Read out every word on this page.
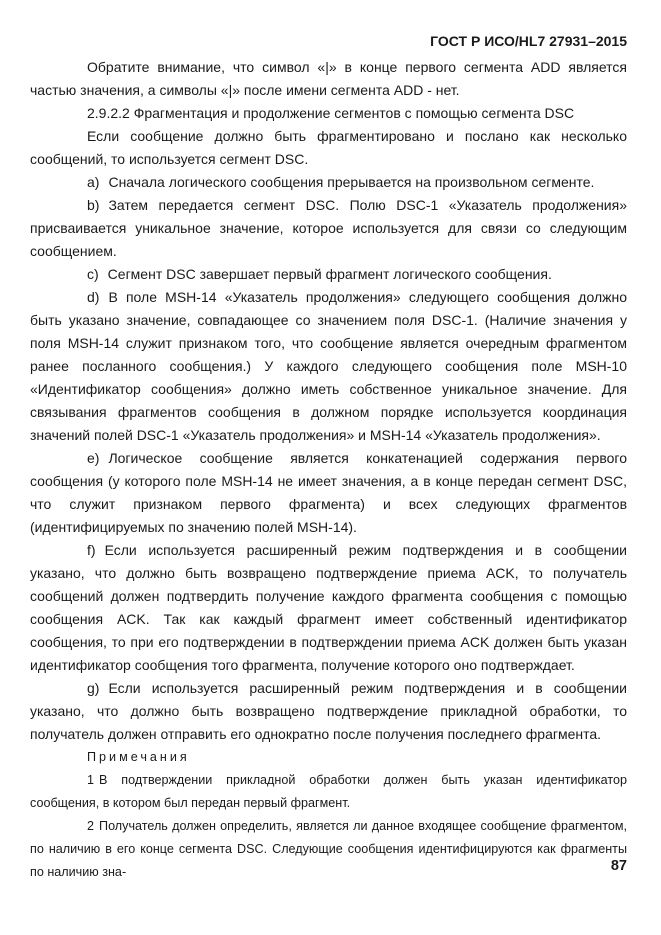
ГОСТ Р ИСО/HL7 27931–2015

Обратите внимание, что символ «|» в конце первого сегмента ADD является частью значения, а символы «|» после имени сегмента ADD - нет.

2.9.2.2 Фрагментация и продолжение сегментов с помощью сегмента DSC

Если сообщение должно быть фрагментировано и послано как несколько сообщений, то используется сегмент DSC.

a) Сначала логического сообщения прерывается на произвольном сегменте.

b) Затем передается сегмент DSC. Полю DSC-1 «Указатель продолжения» присваивается уникальное значение, которое используется для связи со следующим сообщением.

c) Сегмент DSC завершает первый фрагмент логического сообщения.

d) В поле MSH-14 «Указатель продолжения» следующего сообщения должно быть указано значение, совпадающее со значением поля DSC-1. (Наличие значения у поля MSH-14 служит признаком того, что сообщение является очередным фрагментом ранее посланного сообщения.) У каждого следующего сообщения поле MSH-10 «Идентификатор сообщения» должно иметь собственное уникальное значение. Для связывания фрагментов сообщения в должном порядке используется координация значений полей DSC-1 «Указатель продолжения» и MSH-14 «Указатель продолжения».

e) Логическое сообщение является конкатенацией содержания первого сообщения (у которого поле MSH-14 не имеет значения, а в конце передан сегмент DSC, что служит признаком первого фрагмента) и всех следующих фрагментов (идентифицируемых по значению полей MSH-14).

f) Если используется расширенный режим подтверждения и в сообщении указано, что должно быть возвращено подтверждение приема ACK, то получатель сообщений должен подтвердить получение каждого фрагмента сообщения с помощью сообщения ACK. Так как каждый фрагмент имеет собственный идентификатор сообщения, то при его подтверждении в подтверждении приема ACK должен быть указан идентификатор сообщения того фрагмента, получение которого оно подтверждает.

g) Если используется расширенный режим подтверждения и в сообщении указано, что должно быть возвращено подтверждение прикладной обработки, то получатель должен отправить его однократно после получения последнего фрагмента.

Примечания

1 В подтверждении прикладной обработки должен быть указан идентификатор сообщения, в котором был передан первый фрагмент.

2 Получатель должен определить, является ли данное входящее сообщение фрагментом, по наличию в его конце сегмента DSC. Следующие сообщения идентифицируются как фрагменты по наличию зна-	87
